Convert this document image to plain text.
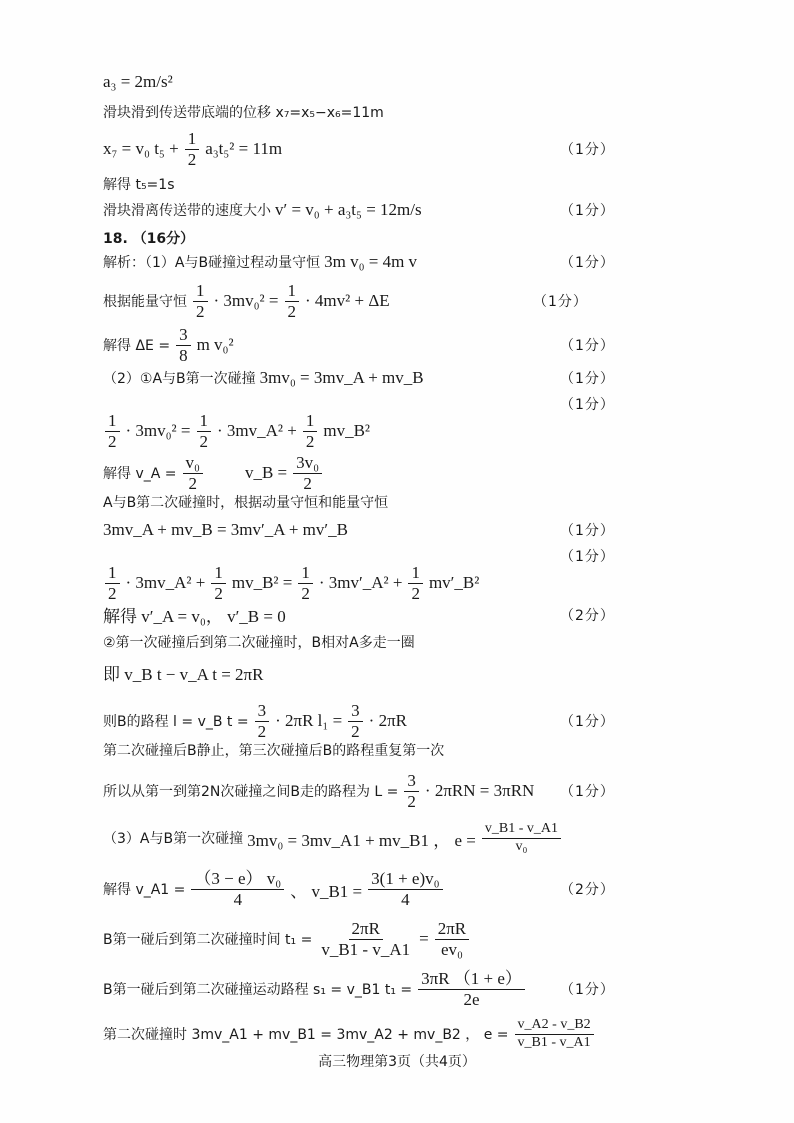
a₃ = 2m/s²
滑块滑到传送带底端的位移 x₇=x₅−x₆=11m
x₇ = v₀ $t_5 + \frac{1}{2} a_3t_5^2 = 11m$	（1分）
解得 t₅=1s
滑块滑离传送带的速度大小 v′ = v₀ + a₃t₅ = 12m/s	（1分）
18. （16分）
解析：（1）A与B碰撞过程动量守恒 3m v₀ = 4m v	（1分）
根据能量守恒 $\frac{1}{2} \cdot 3mv_0^2 = \frac{1}{2} \cdot 4mv^2 + \Delta E$	（1分）
解得 $\Delta E = \frac{3}{8}$ m v₀²	（1分）
（2）①A与B第一次碰撞 3mv₀ = 3mv_A + mv_B	（1分）
$\frac{1}{2} \cdot 3mv_0^2 = \frac{1}{2}$ · 3mv_A² + $\frac{1}{2}$ mv_B²
（1分）
解得 v_A = $\frac{\text{v₀}}{2}$ v_B = $\frac{\text{3v₀}}{2}$
A与B第二次碰撞时，根据动量守恒和能量守恒
3mv_A + mv_B = 3mv′_A + mv′_B	（1分）
$\frac{1}{2}$ · 3mv_A² + $\frac{1}{2}$ mv_B² = $\frac{1}{2}$ · 3mv′_A² + $\frac{1}{2}$ mv′_B²
（1分）
解得 v′_A = v₀， v′_B = 0	（2分）
②第一次碰撞后到第二次碰撞时，B相对A多走一圈
即 v_B t − v_A t = 2πR
则B的路程 l = v_B $t = \frac{3}{2} \cdot 2\pi R$ $l_1 = \frac{3}{2} \cdot 2\pi R$	（1分）
第二次碰撞后B静止，第三次碰撞后B的路程重复第一次
所以从第一到第2N次碰撞之间B走的路程为 $L = \frac{3}{2} \cdot 2\pi RN = 3\pi RN$ （1分）
（3）A与B第一次碰撞 3mv₀ = 3mv_A1 + mv_B1 ， $e = \frac{v\_B1 - v\_A1}{\text{v₀}}$
解得 v_A1 = $\frac{\text{（3 − e） v₀}}{4}$ 、 v_B1 = $\frac{\text{3(1 + e)v₀}}{4}$	（2分）
B第一碰后到第二次碰撞时间 $t_1 = \frac{2\pi R}{v\_B1 - v\_A1} = \frac{2\pi R}{\text{ev₀}}$
B第一碰后到第二次碰撞运动路程 s₁ = v_B1 $t_1 = \frac{3\pi R (1 + e)}{2e}$	（1分）
第二次碰撞时 3mv_A1 + mv_B1 = 3mv_A2 + mv_B2 ， $e = \frac{v\_A2 - v\_B2}{v\_B1 - v\_A1}$
高三物理第3页（共4页）
